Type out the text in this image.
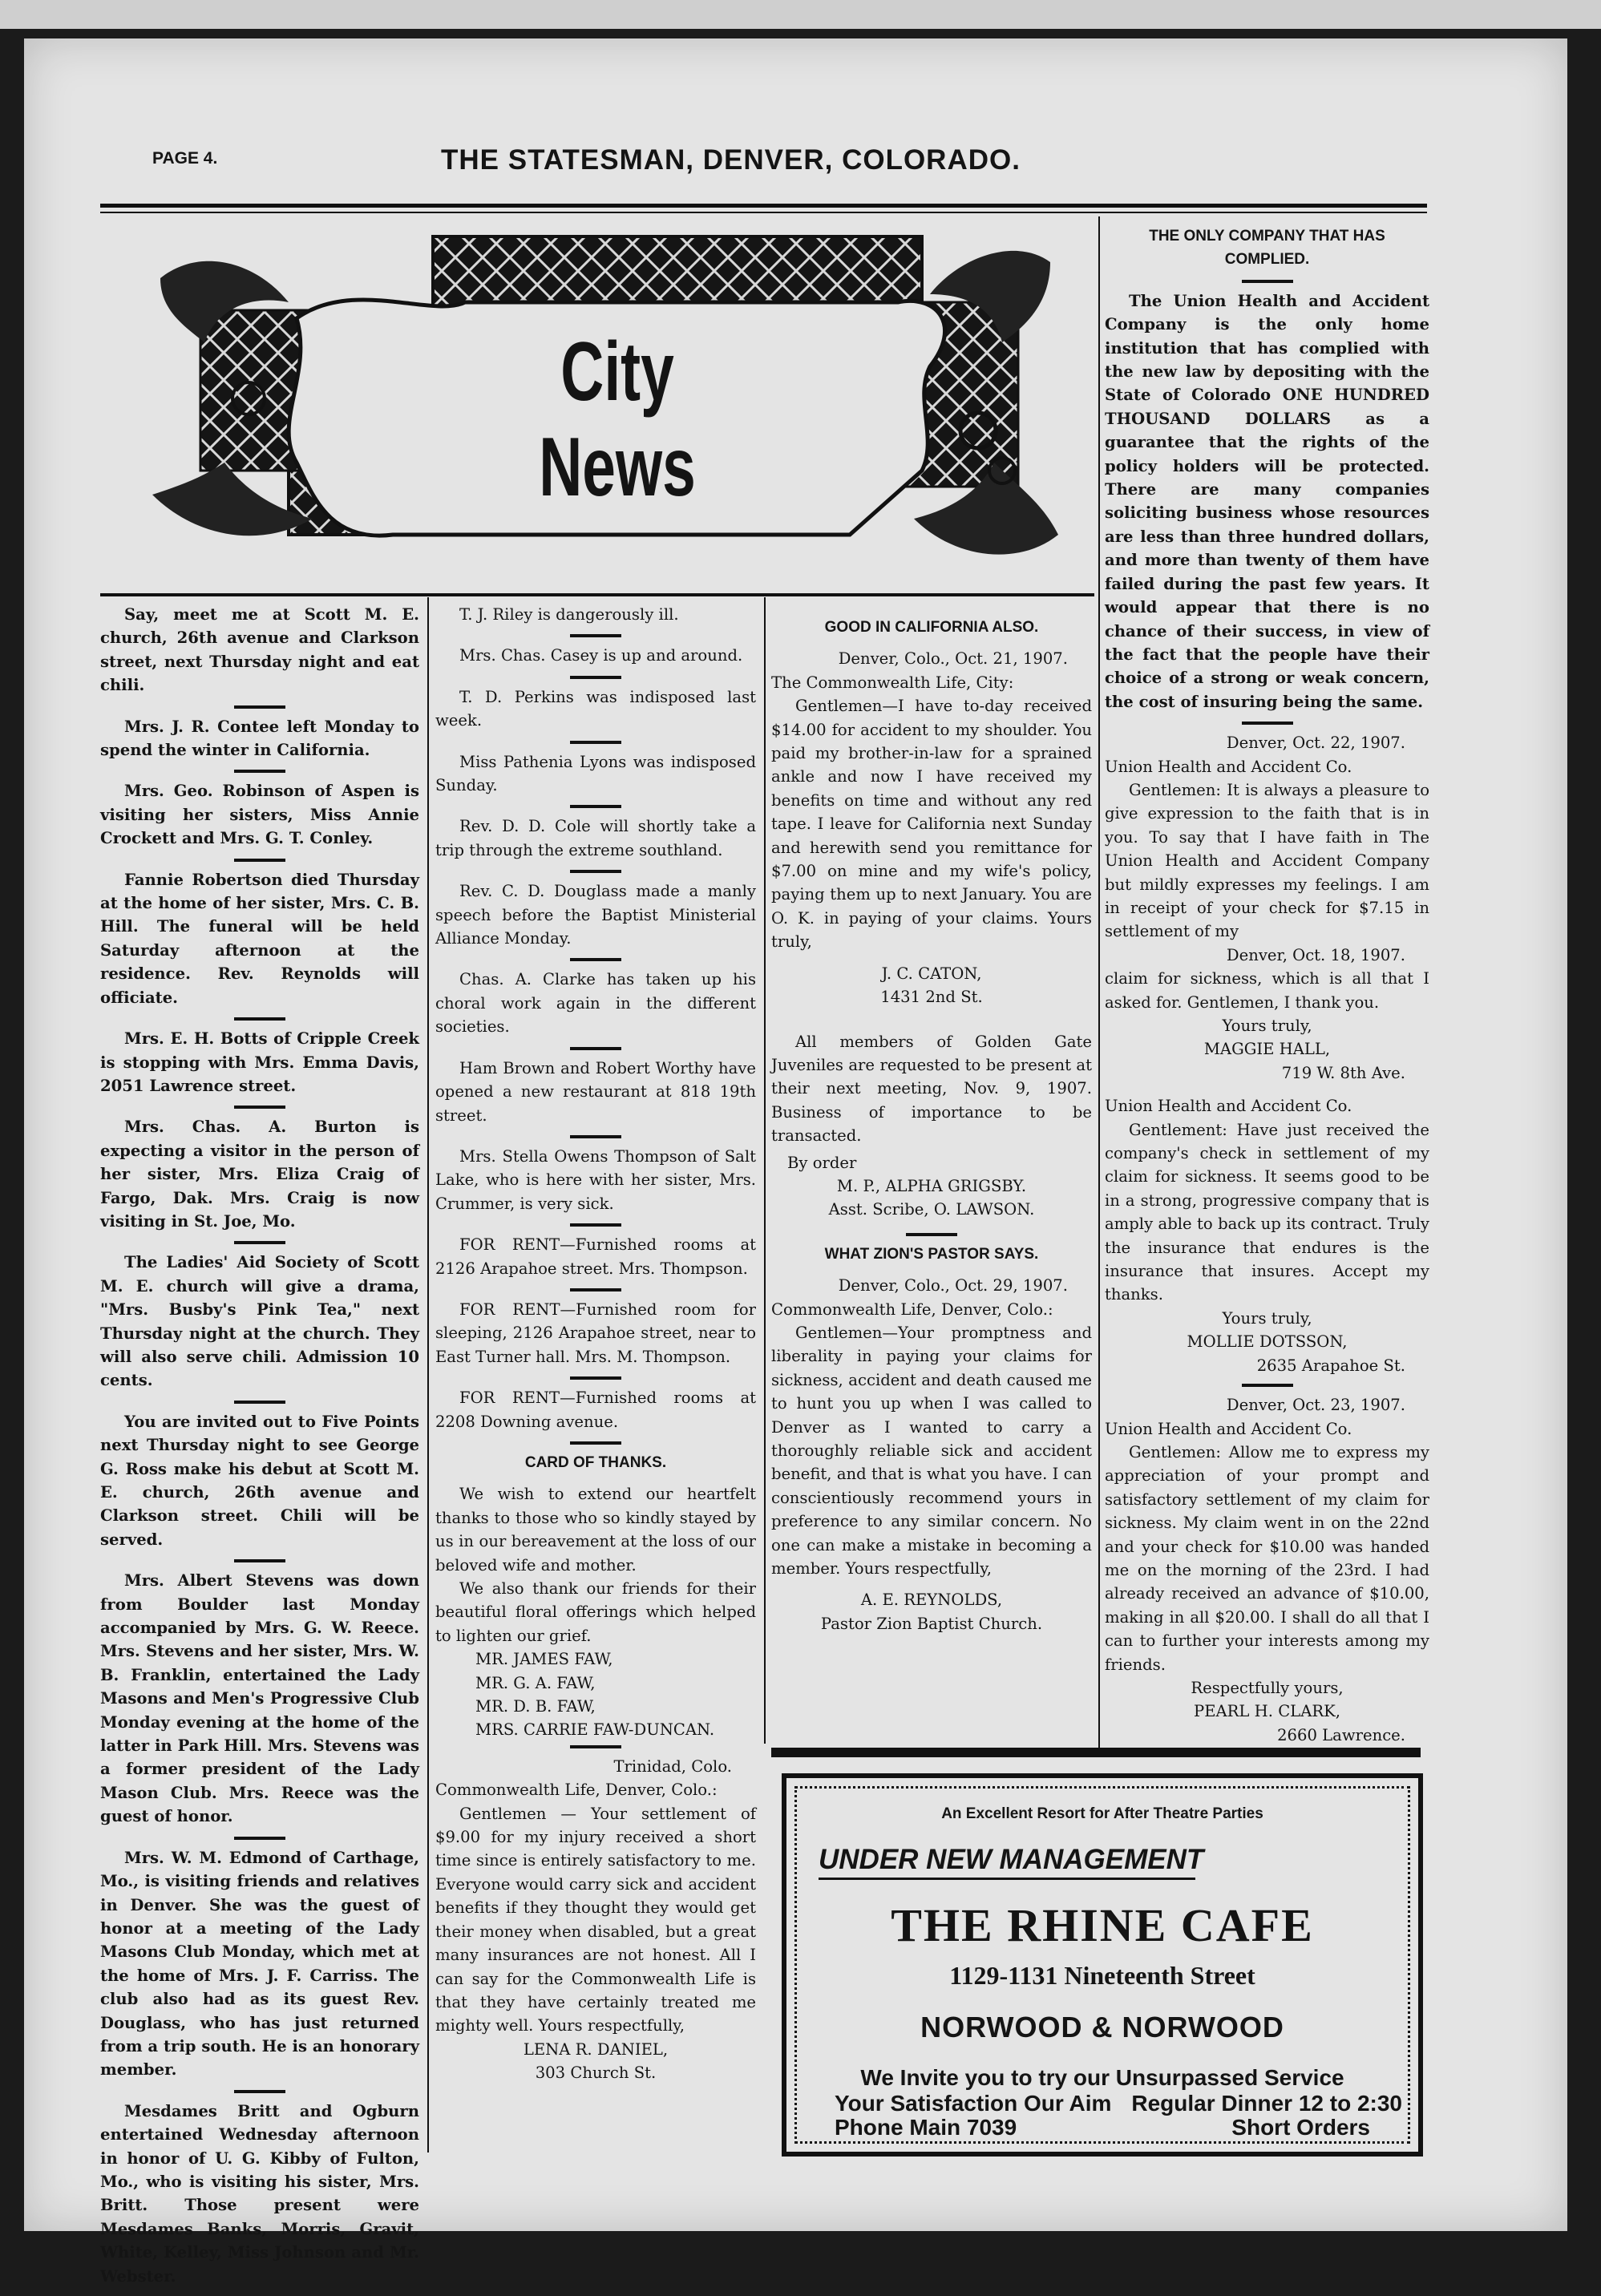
PAGE 4.	THE STATESMAN, DENVER, COLORADO.
City News

Say, meet me at Scott M. E. church, 26th avenue and Clarkson street, next Thursday night and eat chili.

Mrs. J. R. Contee left Monday to spend the winter in California.

Mrs. Geo. Robinson of Aspen is visiting her sisters, Miss Annie Crockett and Mrs. G. T. Conley.

Fannie Robertson died Thursday at the home of her sister, Mrs. C. B. Hill. The funeral will be held Saturday afternoon at the residence. Rev. Reynolds will officiate.

Mrs. E. H. Botts of Cripple Creek is stopping with Mrs. Emma Davis, 2051 Lawrence street.

Mrs. Chas. A. Burton is expecting a visitor in the person of her sister, Mrs. Eliza Craig of Fargo, Dak. Mrs. Craig is now visiting in St. Joe, Mo.

The Ladies' Aid Society of Scott M. E. church will give a drama, "Mrs. Busby's Pink Tea," next Thursday night at the church. They will also serve chili. Admission 10 cents.

You are invited out to Five Points next Thursday night to see George G. Ross make his debut at Scott M. E. church, 26th avenue and Clarkson street. Chili will be served.

Mrs. Albert Stevens was down from Boulder last Monday accompanied by Mrs. G. W. Reece. Mrs. Stevens and her sister, Mrs. W. B. Franklin, entertained the Lady Masons and Men's Progressive Club Monday evening at the home of the latter in Park Hill. Mrs. Stevens was a former president of the Lady Mason Club. Mrs. Reece was the guest of honor.

Mrs. W. M. Edmond of Carthage, Mo., is visiting friends and relatives in Denver. She was the guest of honor at a meeting of the Lady Masons Club Monday, which met at the home of Mrs. J. F. Carriss. The club also had as its guest Rev. Douglass, who has just returned from a trip south. He is an honorary member.

Mesdames Britt and Ogburn entertained Wednesday afternoon in honor of U. G. Kibby of Fulton, Mo., who is visiting his sister, Mrs. Britt. Those present were Mesdames Banks, Morris, Gravit, White, Kelley, Miss Johnson and Mr. Webster.

T. J. Riley is dangerously ill.

Mrs. Chas. Casey is up and around.

T. D. Perkins was indisposed last week.

Miss Pathenia Lyons was indisposed Sunday.

Rev. D. D. Cole will shortly take a trip through the extreme southland.

Rev. C. D. Douglass made a manly speech before the Baptist Ministerial Alliance Monday.

Chas. A. Clarke has taken up his choral work again in the different societies.

Ham Brown and Robert Worthy have opened a new restaurant at 818 19th street.

Mrs. Stella Owens Thompson of Salt Lake, who is here with her sister, Mrs. Crummer, is very sick.

FOR RENT—Furnished rooms at 2126 Arapahoe street. Mrs. Thompson.

FOR RENT—Furnished room for sleeping, 2126 Arapahoe street, near to East Turner hall. Mrs. M. Thompson.

FOR RENT—Furnished rooms at 2208 Downing avenue.

CARD OF THANKS.

We wish to extend our heartfelt thanks to those who so kindly stayed by us in our bereavement at the loss of our beloved wife and mother.

We also thank our friends for their beautiful floral offerings which helped to lighten our grief.

MR. JAMES FAW,
MR. G. A. FAW,
MR. D. B. FAW,
MRS. CARRIE FAW-DUNCAN.
Trinidad, Colo.
Commonwealth Life, Denver, Colo.:

Gentlemen — Your settlement of $9.00 for my injury received a short time since is entirely satisfactory to me. Everyone would carry sick and accident benefits if they thought they would get their money when disabled, but a great many insurances are not honest. All I can say for the Commonwealth Life is that they have certainly treated me mighty well. Yours respectfully,

LENA R. DANIEL,
303 Church St.
GOOD IN CALIFORNIA ALSO.
Denver, Colo., Oct. 21, 1907.
The Commonwealth Life, City:

Gentlemen—I have to-day received $14.00 for accident to my shoulder. You paid my brother-in-law for a sprained ankle and now I have received my benefits on time and without any red tape. I leave for California next Sunday and herewith send you remittance for $7.00 on mine and my wife's policy, paying them up to next January. You are O. K. in paying of your claims. Yours truly,

J. C. CATON,
1431 2nd St.

All members of Golden Gate Juveniles are requested to be present at their next meeting, Nov. 9, 1907. Business of importance to be transacted.

By order
M. P., ALPHA GRIGSBY.
Asst. Scribe, O. LAWSON.
WHAT ZION'S PASTOR SAYS.
Denver, Colo., Oct. 29, 1907.
Commonwealth Life, Denver, Colo.:

Gentlemen—Your promptness and liberality in paying your claims for sickness, accident and death caused me to hunt you up when I was called to Denver as I wanted to carry a thoroughly reliable sick and accident benefit, and that is what you have. I can conscientiously recommend yours in preference to any similar concern. No one can make a mistake in becoming a member. Yours respectfully,

A. E. REYNOLDS,
Pastor Zion Baptist Church.
THE ONLY COMPANY THAT HAS COMPLIED.

The Union Health and Accident Company is the only home institution that has complied with the new law by depositing with the State of Colorado ONE HUNDRED THOUSAND DOLLARS as a guarantee that the rights of the policy holders will be protected. There are many companies soliciting business whose resources are less than three hundred dollars, and more than twenty of them have failed during the past few years. It would appear that there is no chance of their success, in view of the fact that the people have their choice of a strong or weak concern, the cost of insuring being the same.

Denver, Oct. 22, 1907.
Union Health and Accident Co.

Gentlemen: It is always a pleasure to give expression to the faith that is in you. To say that I have faith in The Union Health and Accident Company but mildly expresses my feelings. I am in receipt of your check for $7.15 in settlement of my

Denver, Oct. 18, 1907.

claim for sickness, which is all that I asked for. Gentlemen, I thank you.

Yours truly,
MAGGIE HALL,
719 W. 8th Ave.
Union Health and Accident Co.

Gentlement: Have just received the company's check in settlement of my claim for sickness. It seems good to be in a strong, progressive company that is amply able to back up its contract. Truly the insurance that endures is the insurance that insures. Accept my thanks.

Yours truly,
MOLLIE DOTSSON,
2635 Arapahoe St.
Denver, Oct. 23, 1907.
Union Health and Accident Co.

Gentlemen: Allow me to express my appreciation of your prompt and satisfactory settlement of my claim for sickness. My claim went in on the 22nd and your check for $10.00 was handed me on the morning of the 23rd. I had already received an advance of $10.00, making in all $20.00. I shall do all that I can to further your interests among my friends.

Respectfully yours,
PEARL H. CLARK,
2660 Lawrence.
An Excellent Resort for After Theatre Parties
UNDER NEW MANAGEMENT
THE RHINE CAFE
1129-1131 Nineteenth Street
NORWOOD & NORWOOD
We Invite you to try our Unsurpassed Service
Your Satisfaction Our Aim
Phone Main 7039
Regular Dinner 12 to 2:30
Short Orders
